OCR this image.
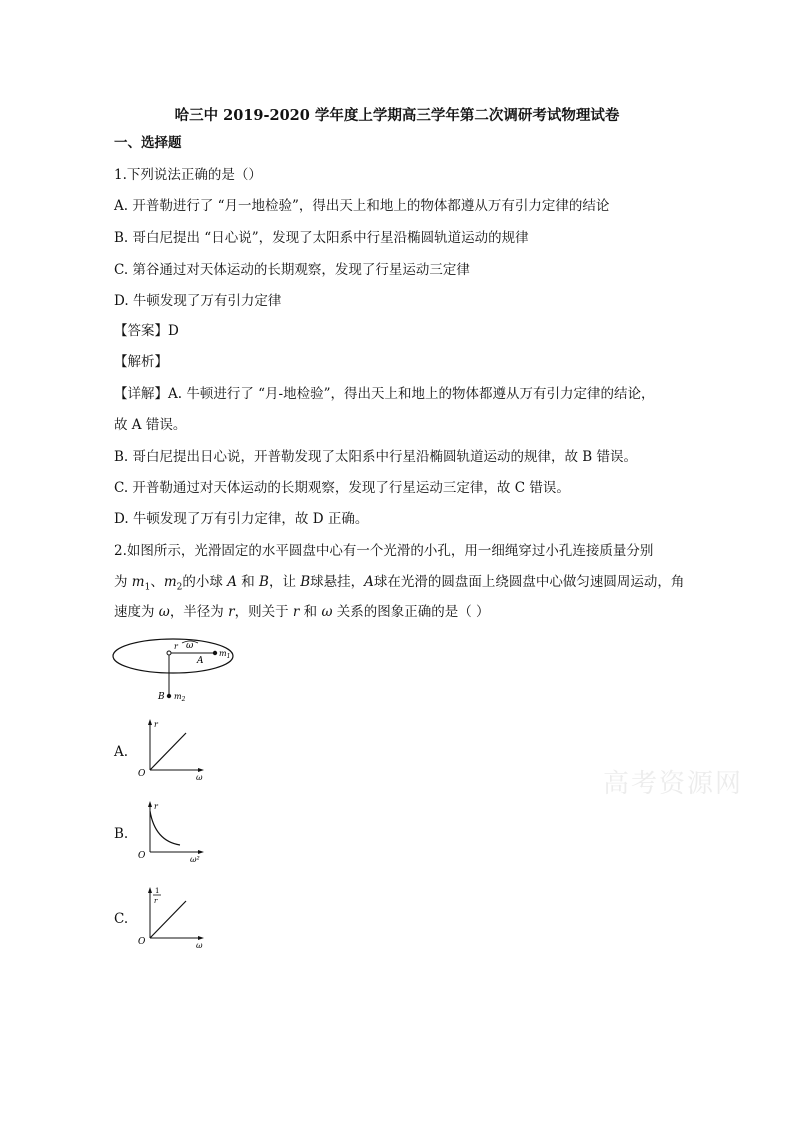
哈三中 2019-2020 学年度上学期高三学年第二次调研考试物理试卷
一、选择题
1.下列说法正确的是（）
A. 开普勒进行了 “月一地检验”，得出天上和地上的物体都遵从万有引力定律的结论
B. 哥白尼提出 “日心说”，发现了太阳系中行星沿椭圆轨道运动的规律
C. 第谷通过对天体运动的长期观察，发现了行星运动三定律
D. 牛顿发现了万有引力定律
【答案】D
【解析】
【详解】A. 牛顿进行了 “月-地检验”，得出天上和地上的物体都遵从万有引力定律的结论，
故 A 错误。
B. 哥白尼提出日心说，开普勒发现了太阳系中行星沿椭圆轨道运动的规律，故 B 错误。
C. 开普勒通过对天体运动的长期观察，发现了行星运动三定律，故 C 错误。
D. 牛顿发现了万有引力定律，故 D 正确。
2.如图所示，光滑固定的水平圆盘中心有一个光滑的小孔，用一细绳穿过小孔连接质量分别
为 $m_1$、$m_2$的小球 A 和 B，让 B球悬挂，A球在光滑的圆盘面上绕圆盘中心做匀速圆周运动，角
速度为 ω，半径为 r，则关于 r 和 ω 关系的图象正确的是（ ）
r ω
$m_1$
A
B $m_2$
A.
r
ω
O
B.
r
ω²
O
C.
1
r
ω
O
高考资源网
